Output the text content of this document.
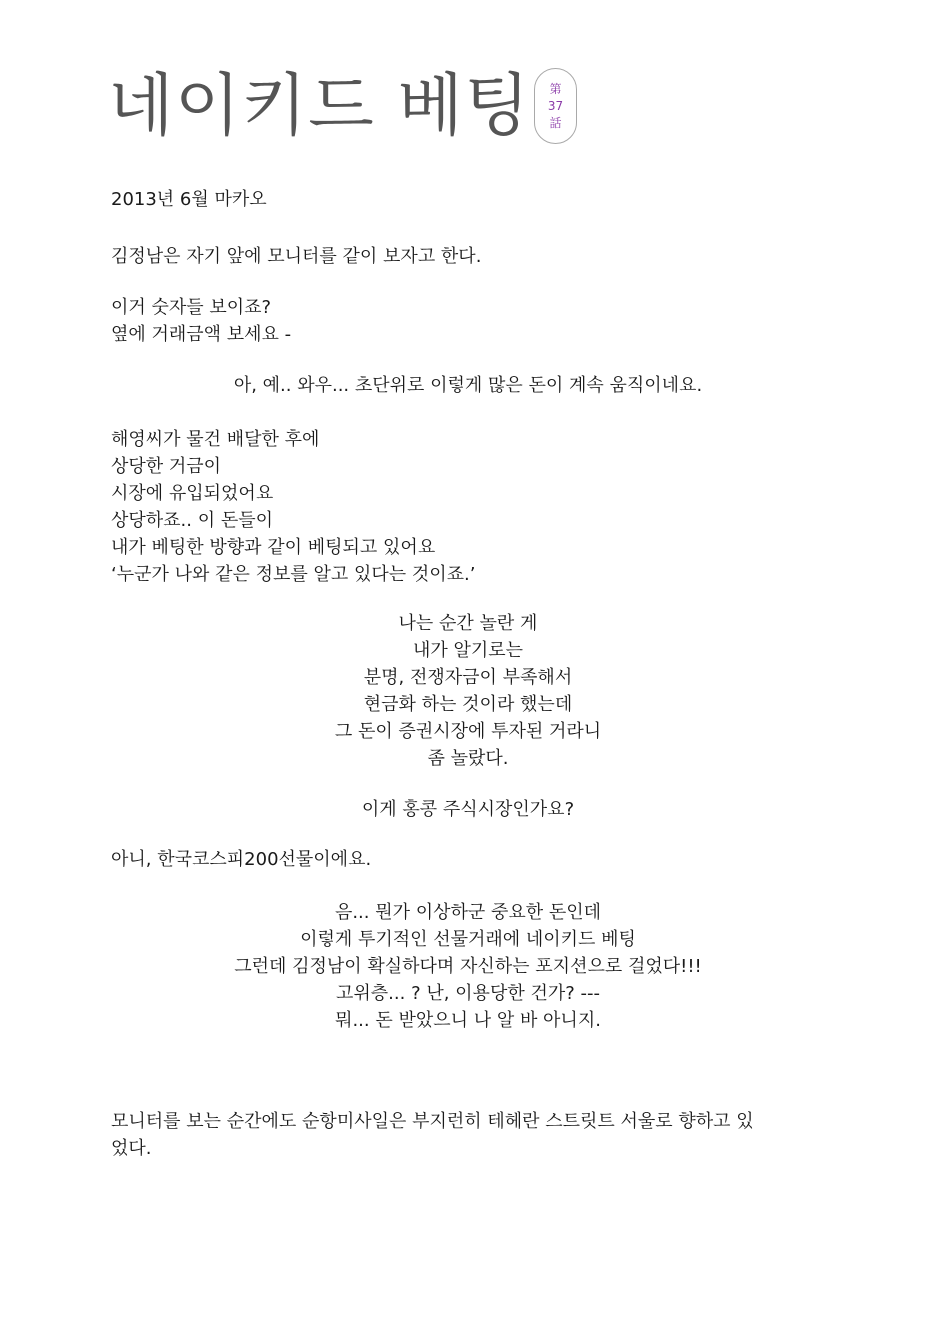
네이키드 베팅 第
37
話
2013년 6월 마카오
김정남은 자기 앞에 모니터를 같이 보자고 한다.
이거 숫자들 보이죠?
옆에 거래금액 보세요 -
아, 예.. 와우... 초단위로 이렇게 많은 돈이 계속 움직이네요.
해영씨가 물건 배달한 후에
상당한 거금이
시장에 유입되었어요
상당하죠.. 이 돈들이
내가 베팅한 방향과 같이 베팅되고 있어요
‘누군가 나와 같은 정보를 알고 있다는 것이죠.’
나는 순간 놀란 게
내가 알기로는
분명, 전쟁자금이 부족해서
현금화 하는 것이라 했는데
그 돈이 증권시장에 투자된 거라니
좀 놀랐다.
이게 홍콩 주식시장인가요?
아니, 한국코스피200선물이에요.
음... 뭔가 이상하군 중요한 돈인데
이렇게 투기적인 선물거래에 네이키드 베팅
그런데 김정남이 확실하다며 자신하는 포지션으로 걸었다!!!
고위층... ? 난, 이용당한 건가? ---
뭐... 돈 받았으니 나 알 바 아니지.
모니터를 보는 순간에도 순항미사일은 부지런히 테헤란 스트릿트 서울로 향하고 있
었다.
